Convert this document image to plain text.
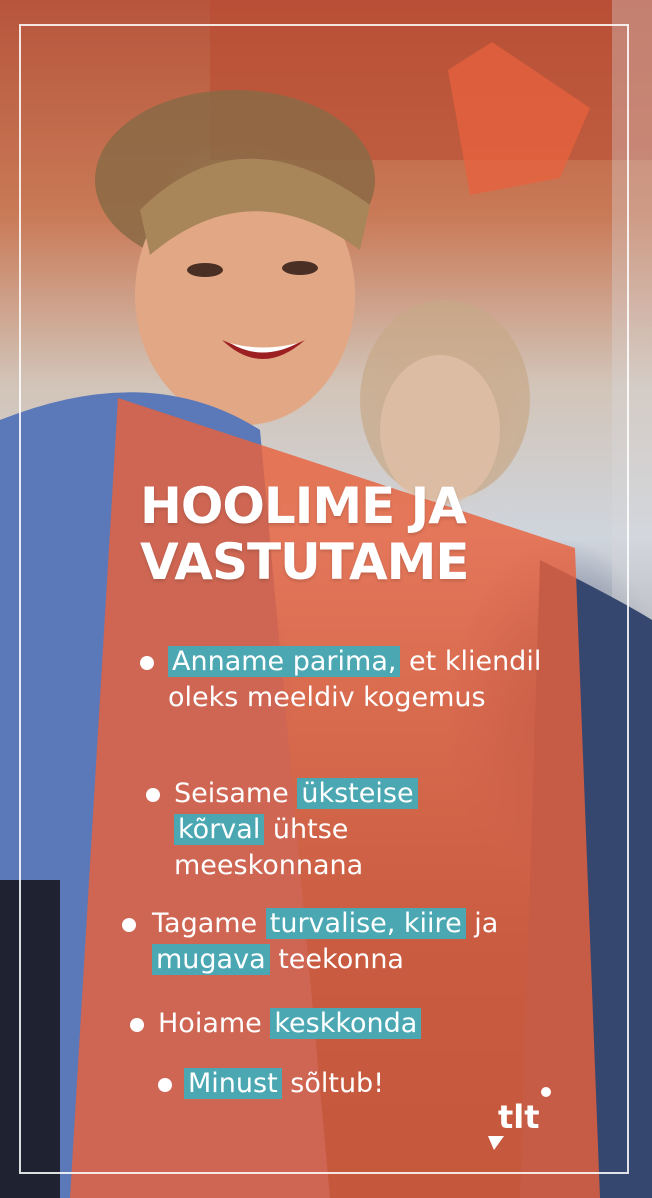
HOOLIME JA
VASTUTAME
Anname parima, et kliendil oleks meeldiv kogemus
Seisame üksteise kõrval ühtse meeskonnana
Tagame turvalise, kiire ja mugava teekonna
Hoiame keskkonda
Minust sõltub!
tlt
